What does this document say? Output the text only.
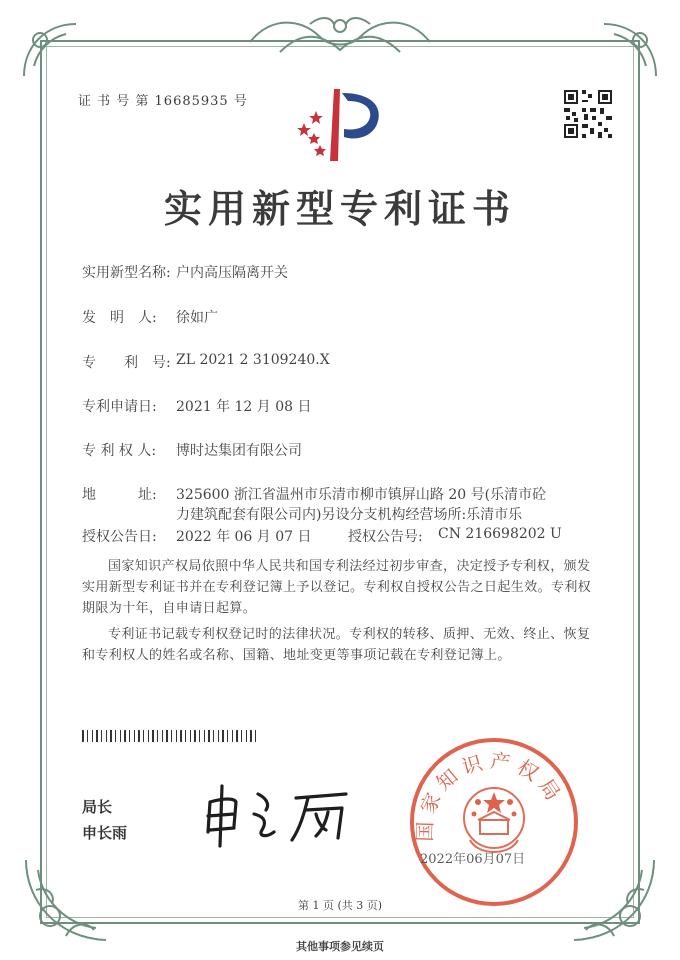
证 书 号 第 16685935 号
实用新型专利证书
实用新型名称: 户内高压隔离开关
发　明　人: 徐如广
专　　利　号: ZL 2021 2 3109240.X
专利申请日: 2021 年 12 月 08 日
专 利 权 人: 博时达集团有限公司
地　　　址: 325600 浙江省温州市乐清市柳市镇屏山路 20 号(乐清市砼
力建筑配套有限公司内)另设分支机构经营场所:乐清市乐
授权公告日: 2022 年 06 月 07 日	授权公告号: CN 216698202 U
国家知识产权局依照中华人民共和国专利法经过初步审查，决定授予专利权，颁发实用新型专利证书并在专利登记簿上予以登记。专利权自授权公告之日起生效。专利权期限为十年，自申请日起算。
专利证书记载专利权登记时的法律状况。专利权的转移、质押、无效、终止、恢复和专利权人的姓名或名称、国籍、地址变更等事项记载在专利登记簿上。
局长
申长雨	国家知识产权局
2022年06月07日
第 1 页 (共 3 页)
其他事项参见续页
